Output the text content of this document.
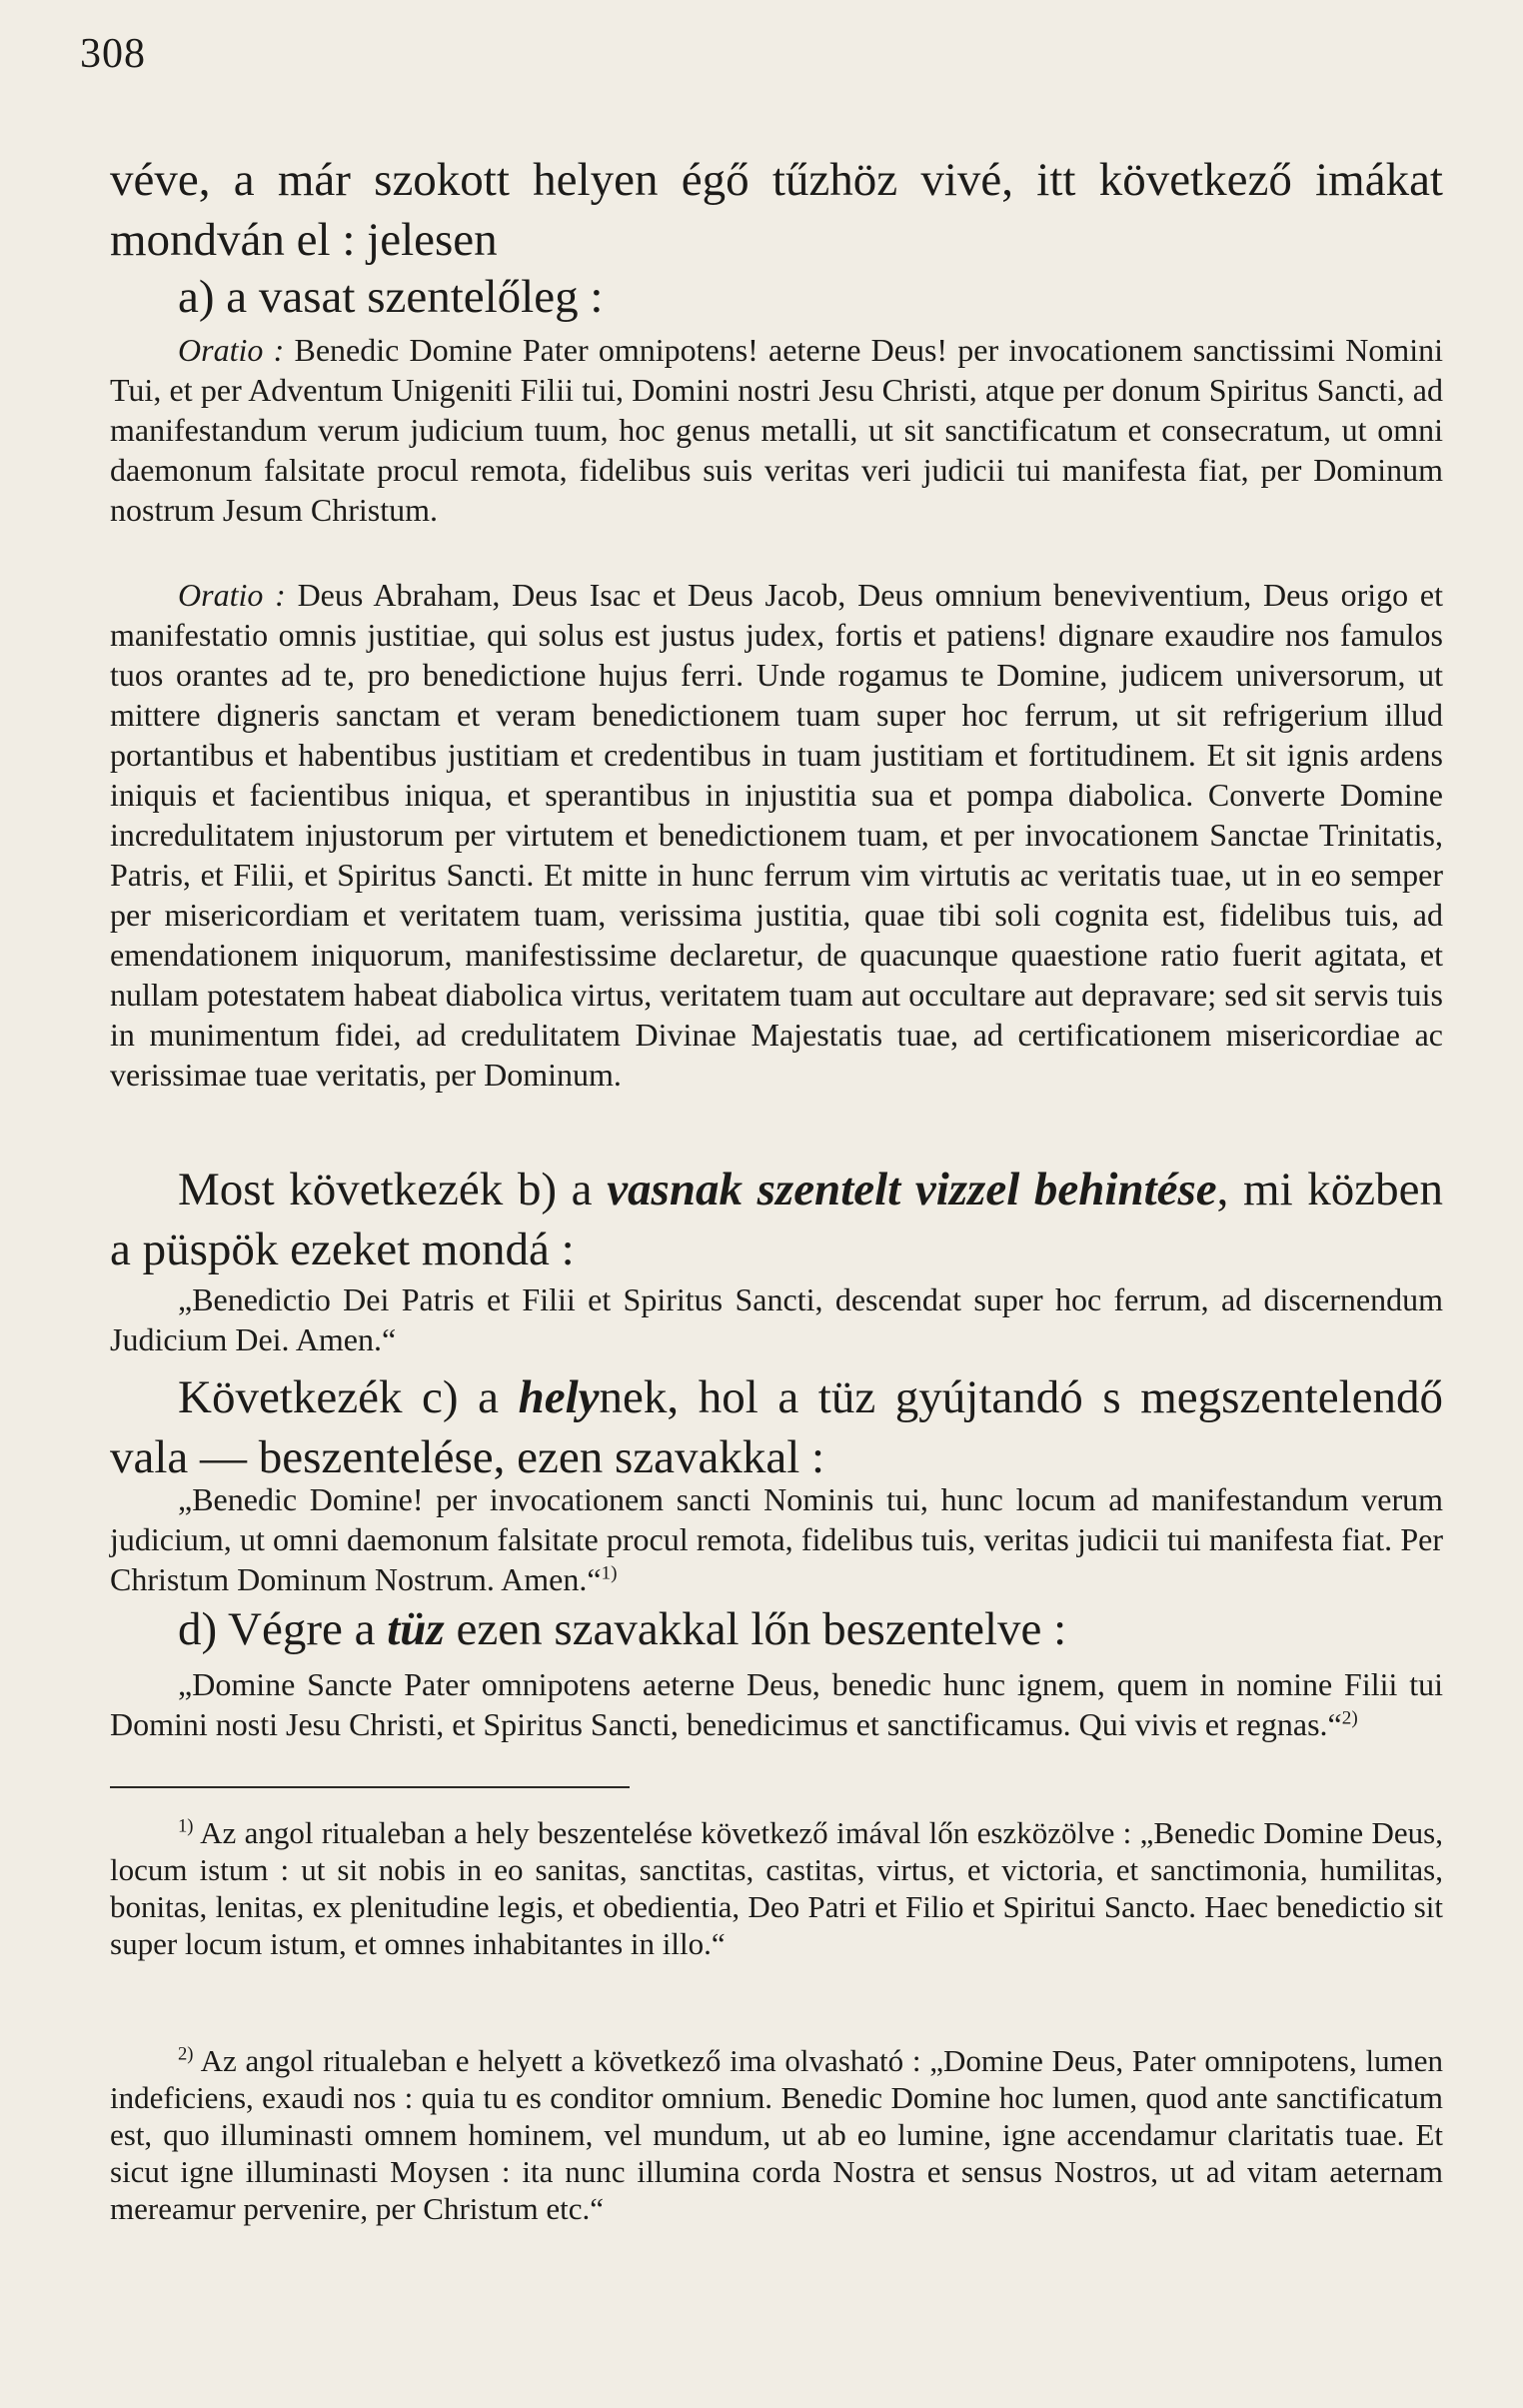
308

véve, a már szokott helyen égő tűzhöz vivé, itt következő imákat mondván el : jelesen

a) a vasat szentelőleg :

Oratio : Benedic Domine Pater omnipotens! aeterne Deus! per invocationem sanctissimi Nomini Tui, et per Adventum Unigeniti Filii tui, Domini nostri Jesu Christi, atque per donum Spiritus Sancti, ad manifestandum verum judicium tuum, hoc genus metalli, ut sit sanctificatum et consecratum, ut omni daemonum falsitate procul remota, fidelibus suis veritas veri judicii tui manifesta fiat, per Dominum nostrum Jesum Christum.

Oratio : Deus Abraham, Deus Isac et Deus Jacob, Deus omnium beneviventium, Deus origo et manifestatio omnis justitiae, qui solus est justus judex, fortis et patiens! dignare exaudire nos famulos tuos orantes ad te, pro benedictione hujus ferri. Unde rogamus te Domine, judicem universorum, ut mittere digneris sanctam et veram benedictionem tuam super hoc ferrum, ut sit refrigerium illud portantibus et habentibus justitiam et credentibus in tuam justitiam et fortitudinem. Et sit ignis ardens iniquis et facientibus iniqua, et sperantibus in injustitia sua et pompa diabolica. Converte Domine incredulitatem injustorum per virtutem et benedictionem tuam, et per invocationem Sanctae Trinitatis, Patris, et Filii, et Spiritus Sancti. Et mitte in hunc ferrum vim virtutis ac veritatis tuae, ut in eo semper per misericordiam et veritatem tuam, verissima justitia, quae tibi soli cognita est, fidelibus tuis, ad emendationem iniquorum, manifestissime declaretur, de quacunque quaestione ratio fuerit agitata, et nullam potestatem habeat diabolica virtus, veritatem tuam aut occultare aut depravare; sed sit servis tuis in munimentum fidei, ad credulitatem Divinae Majestatis tuae, ad certificationem misericordiae ac verissimae tuae veritatis, per Dominum.

Most következék b) a vasnak szentelt vizzel behintése, mi közben a püspök ezeket mondá :

„Benedictio Dei Patris et Filii et Spiritus Sancti, descendat super hoc ferrum, ad discernendum Judicium Dei. Amen.“

Következék c) a helynek, hol a tüz gyújtandó s megszentelendő vala — beszentelése, ezen szavakkal :

„Benedic Domine! per invocationem sancti Nominis tui, hunc locum ad manifestandum verum judicium, ut omni daemonum falsitate procul remota, fidelibus tuis, veritas judicii tui manifesta fiat. Per Christum Dominum Nostrum. Amen.“$^{1)}$

d) Végre a tüz ezen szavakkal lőn beszentelve :

„Domine Sancte Pater omnipotens aeterne Deus, benedic hunc ignem, quem in nomine Filii tui Domini nosti Jesu Christi, et Spiritus Sancti, benedicimus et sanctificamus. Qui vivis et regnas.“$^{2)}$

$^{1)}$ Az angol ritualeban a hely beszentelése következő imával lőn eszközölve : „Benedic Domine Deus, locum istum : ut sit nobis in eo sanitas, sanctitas, castitas, virtus, et victoria, et sanctimonia, humilitas, bonitas, lenitas, ex plenitudine legis, et obedientia, Deo Patri et Filio et Spiritui Sancto. Haec benedictio sit super locum istum, et omnes inhabitantes in illo.“

$^{2)}$ Az angol ritualeban e helyett a következő ima olvasható : „Domine Deus, Pater omnipotens, lumen indeficiens, exaudi nos : quia tu es conditor omnium. Benedic Domine hoc lumen, quod ante sanctificatum est, quo illuminasti omnem hominem, vel mundum, ut ab eo lumine, igne accendamur claritatis tuae. Et sicut igne illuminasti Moysen : ita nunc illumina corda Nostra et sensus Nostros, ut ad vitam aeternam mereamur pervenire, per Christum etc.“
